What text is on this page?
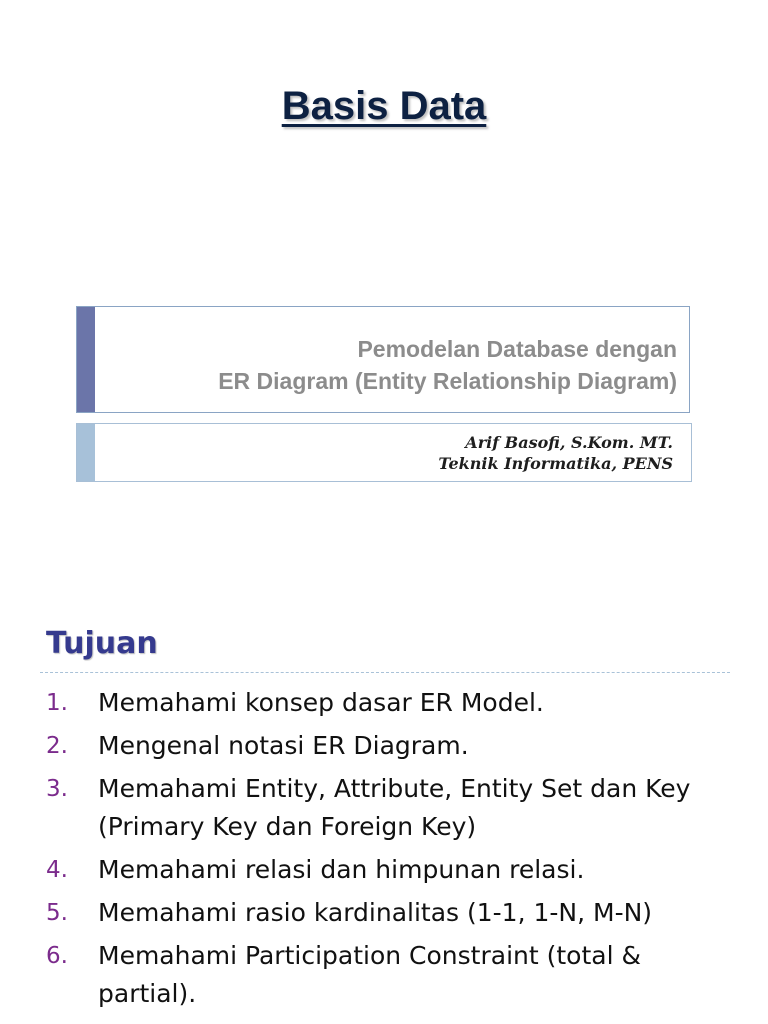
Basis Data
Pemodelan Database dengan
ER Diagram (Entity Relationship Diagram)
Arif Basofi, S.Kom. MT.
Teknik Informatika, PENS
Tujuan
1. Memahami konsep dasar ER Model.
2. Mengenal notasi ER Diagram.
3. Memahami Entity, Attribute, Entity Set dan Key (Primary Key dan Foreign Key)
4. Memahami relasi dan himpunan relasi.
5. Memahami rasio kardinalitas (1-1, 1-N, M-N)
6. Memahami Participation Constraint (total & partial).
